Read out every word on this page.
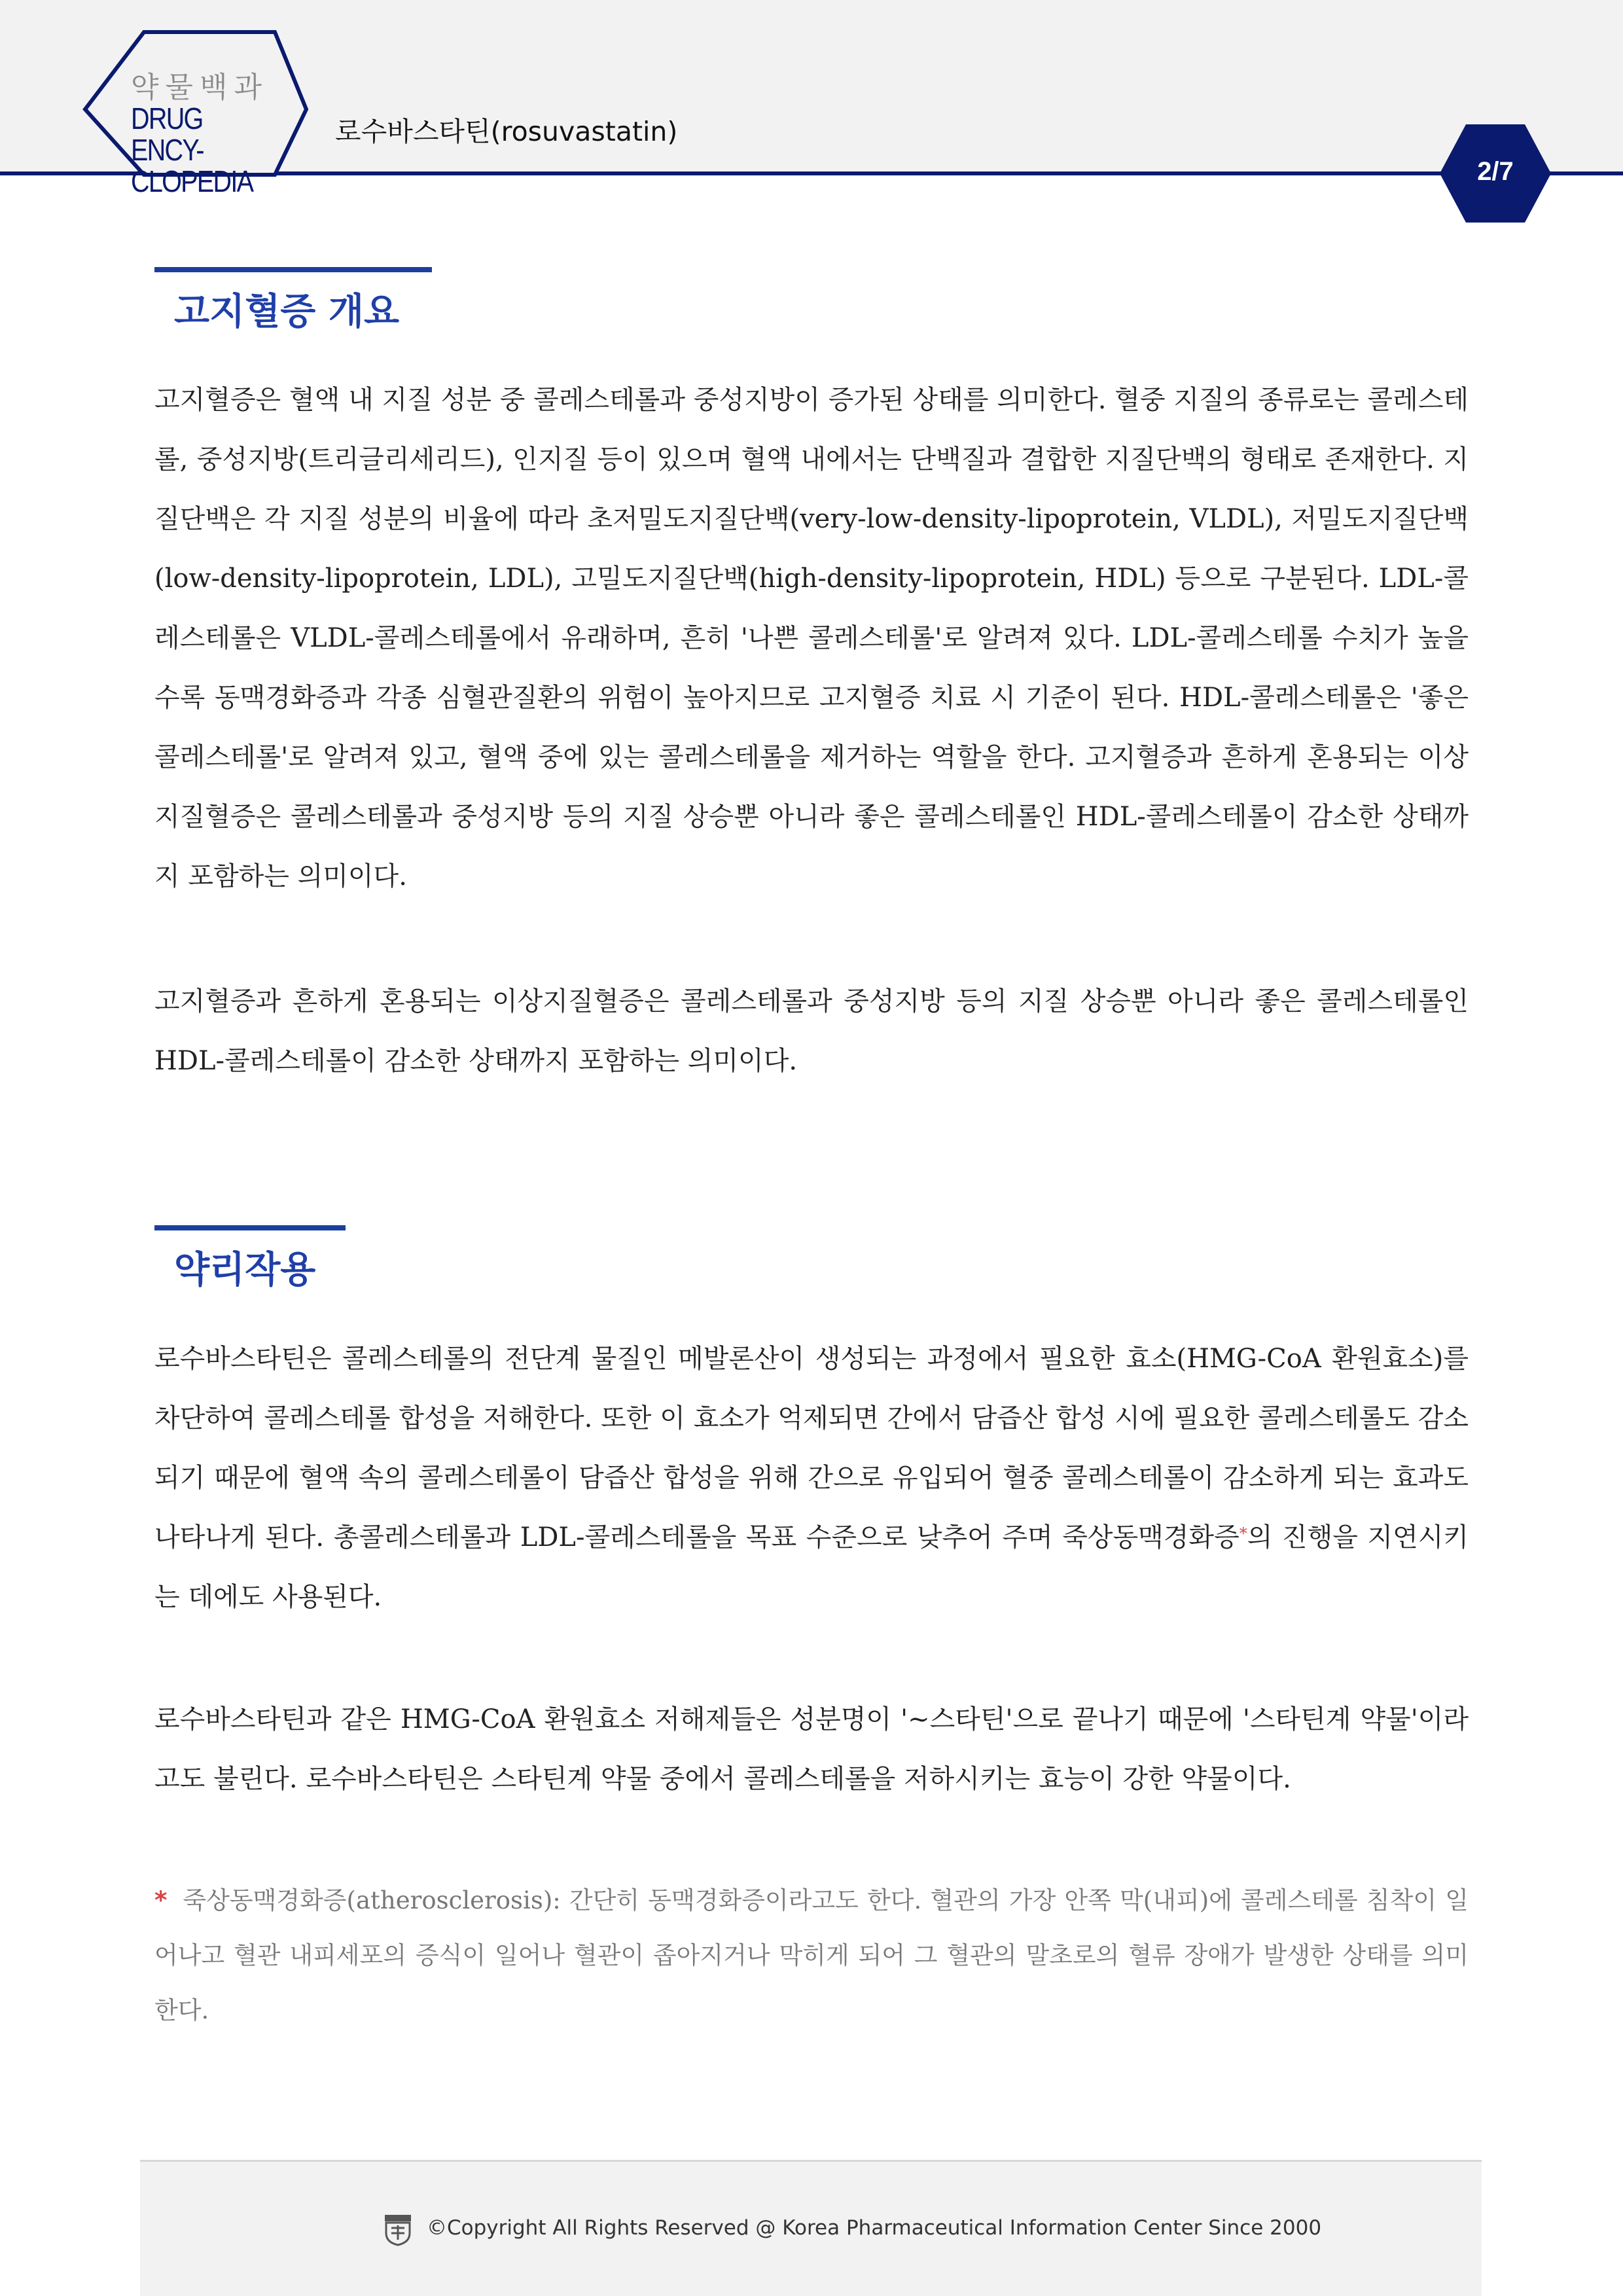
약물백과
DRUG ENCY-
CLOPEDIA
로수바스타틴(rosuvastatin)
2/7
고지혈증 개요

고지혈증은 혈액 내 지질 성분 중 콜레스테롤과 중성지방이 증가된 상태를 의미한다. 혈중 지질의 종류로는 콜레스테롤, 중성지방(트리글리세리드), 인지질 등이 있으며 혈액 내에서는 단백질과 결합한 지질단백의 형태로 존재한다. 지질단백은 각 지질 성분의 비율에 따라 초저밀도지질단백(very-low-density-lipoprotein, VLDL), 저밀도지질단백(low-density-lipoprotein, LDL), 고밀도지질단백(high-density-lipoprotein, HDL) 등으로 구분된다. LDL-콜레스테롤은 VLDL-콜레스테롤에서 유래하며, 흔히 '나쁜 콜레스테롤'로 알려져 있다. LDL-콜레스테롤 수치가 높을수록 동맥경화증과 각종 심혈관질환의 위험이 높아지므로 고지혈증 치료 시 기준이 된다. HDL-콜레스테롤은 '좋은 콜레스테롤'로 알려져 있고, 혈액 중에 있는 콜레스테롤을 제거하는 역할을 한다. 고지혈증과 흔하게 혼용되는 이상지질혈증은 콜레스테롤과 중성지방 등의 지질 상승뿐 아니라 좋은 콜레스테롤인 HDL-콜레스테롤이 감소한 상태까지 포함하는 의미이다.

고지혈증과 흔하게 혼용되는 이상지질혈증은 콜레스테롤과 중성지방 등의 지질 상승뿐 아니라 좋은 콜레스테롤인 HDL-콜레스테롤이 감소한 상태까지 포함하는 의미이다.

약리작용

로수바스타틴은 콜레스테롤의 전단계 물질인 메발론산이 생성되는 과정에서 필요한 효소(HMG-CoA 환원효소)를 차단하여 콜레스테롤 합성을 저해한다. 또한 이 효소가 억제되면 간에서 담즙산 합성 시에 필요한 콜레스테롤도 감소되기 때문에 혈액 속의 콜레스테롤이 담즙산 합성을 위해 간으로 유입되어 혈중 콜레스테롤이 감소하게 되는 효과도 나타나게 된다. 총콜레스테롤과 LDL-콜레스테롤을 목표 수준으로 낮추어 주며 죽상동맥경화증*의 진행을 지연시키는 데에도 사용된다.

로수바스타틴과 같은 HMG-CoA 환원효소 저해제들은 성분명이 '~스타틴'으로 끝나기 때문에 '스타틴계 약물'이라고도 불린다. 로수바스타틴은 스타틴계 약물 중에서 콜레스테롤을 저하시키는 효능이 강한 약물이다.

* 죽상동맥경화증(atherosclerosis): 간단히 동맥경화증이라고도 한다. 혈관의 가장 안쪽 막(내피)에 콜레스테롤 침착이 일어나고 혈관 내피세포의 증식이 일어나 혈관이 좁아지거나 막히게 되어 그 혈관의 말초로의 혈류 장애가 발생한 상태를 의미한다.

©Copyright All Rights Reserved @ Korea Pharmaceutical Information Center Since 2000
